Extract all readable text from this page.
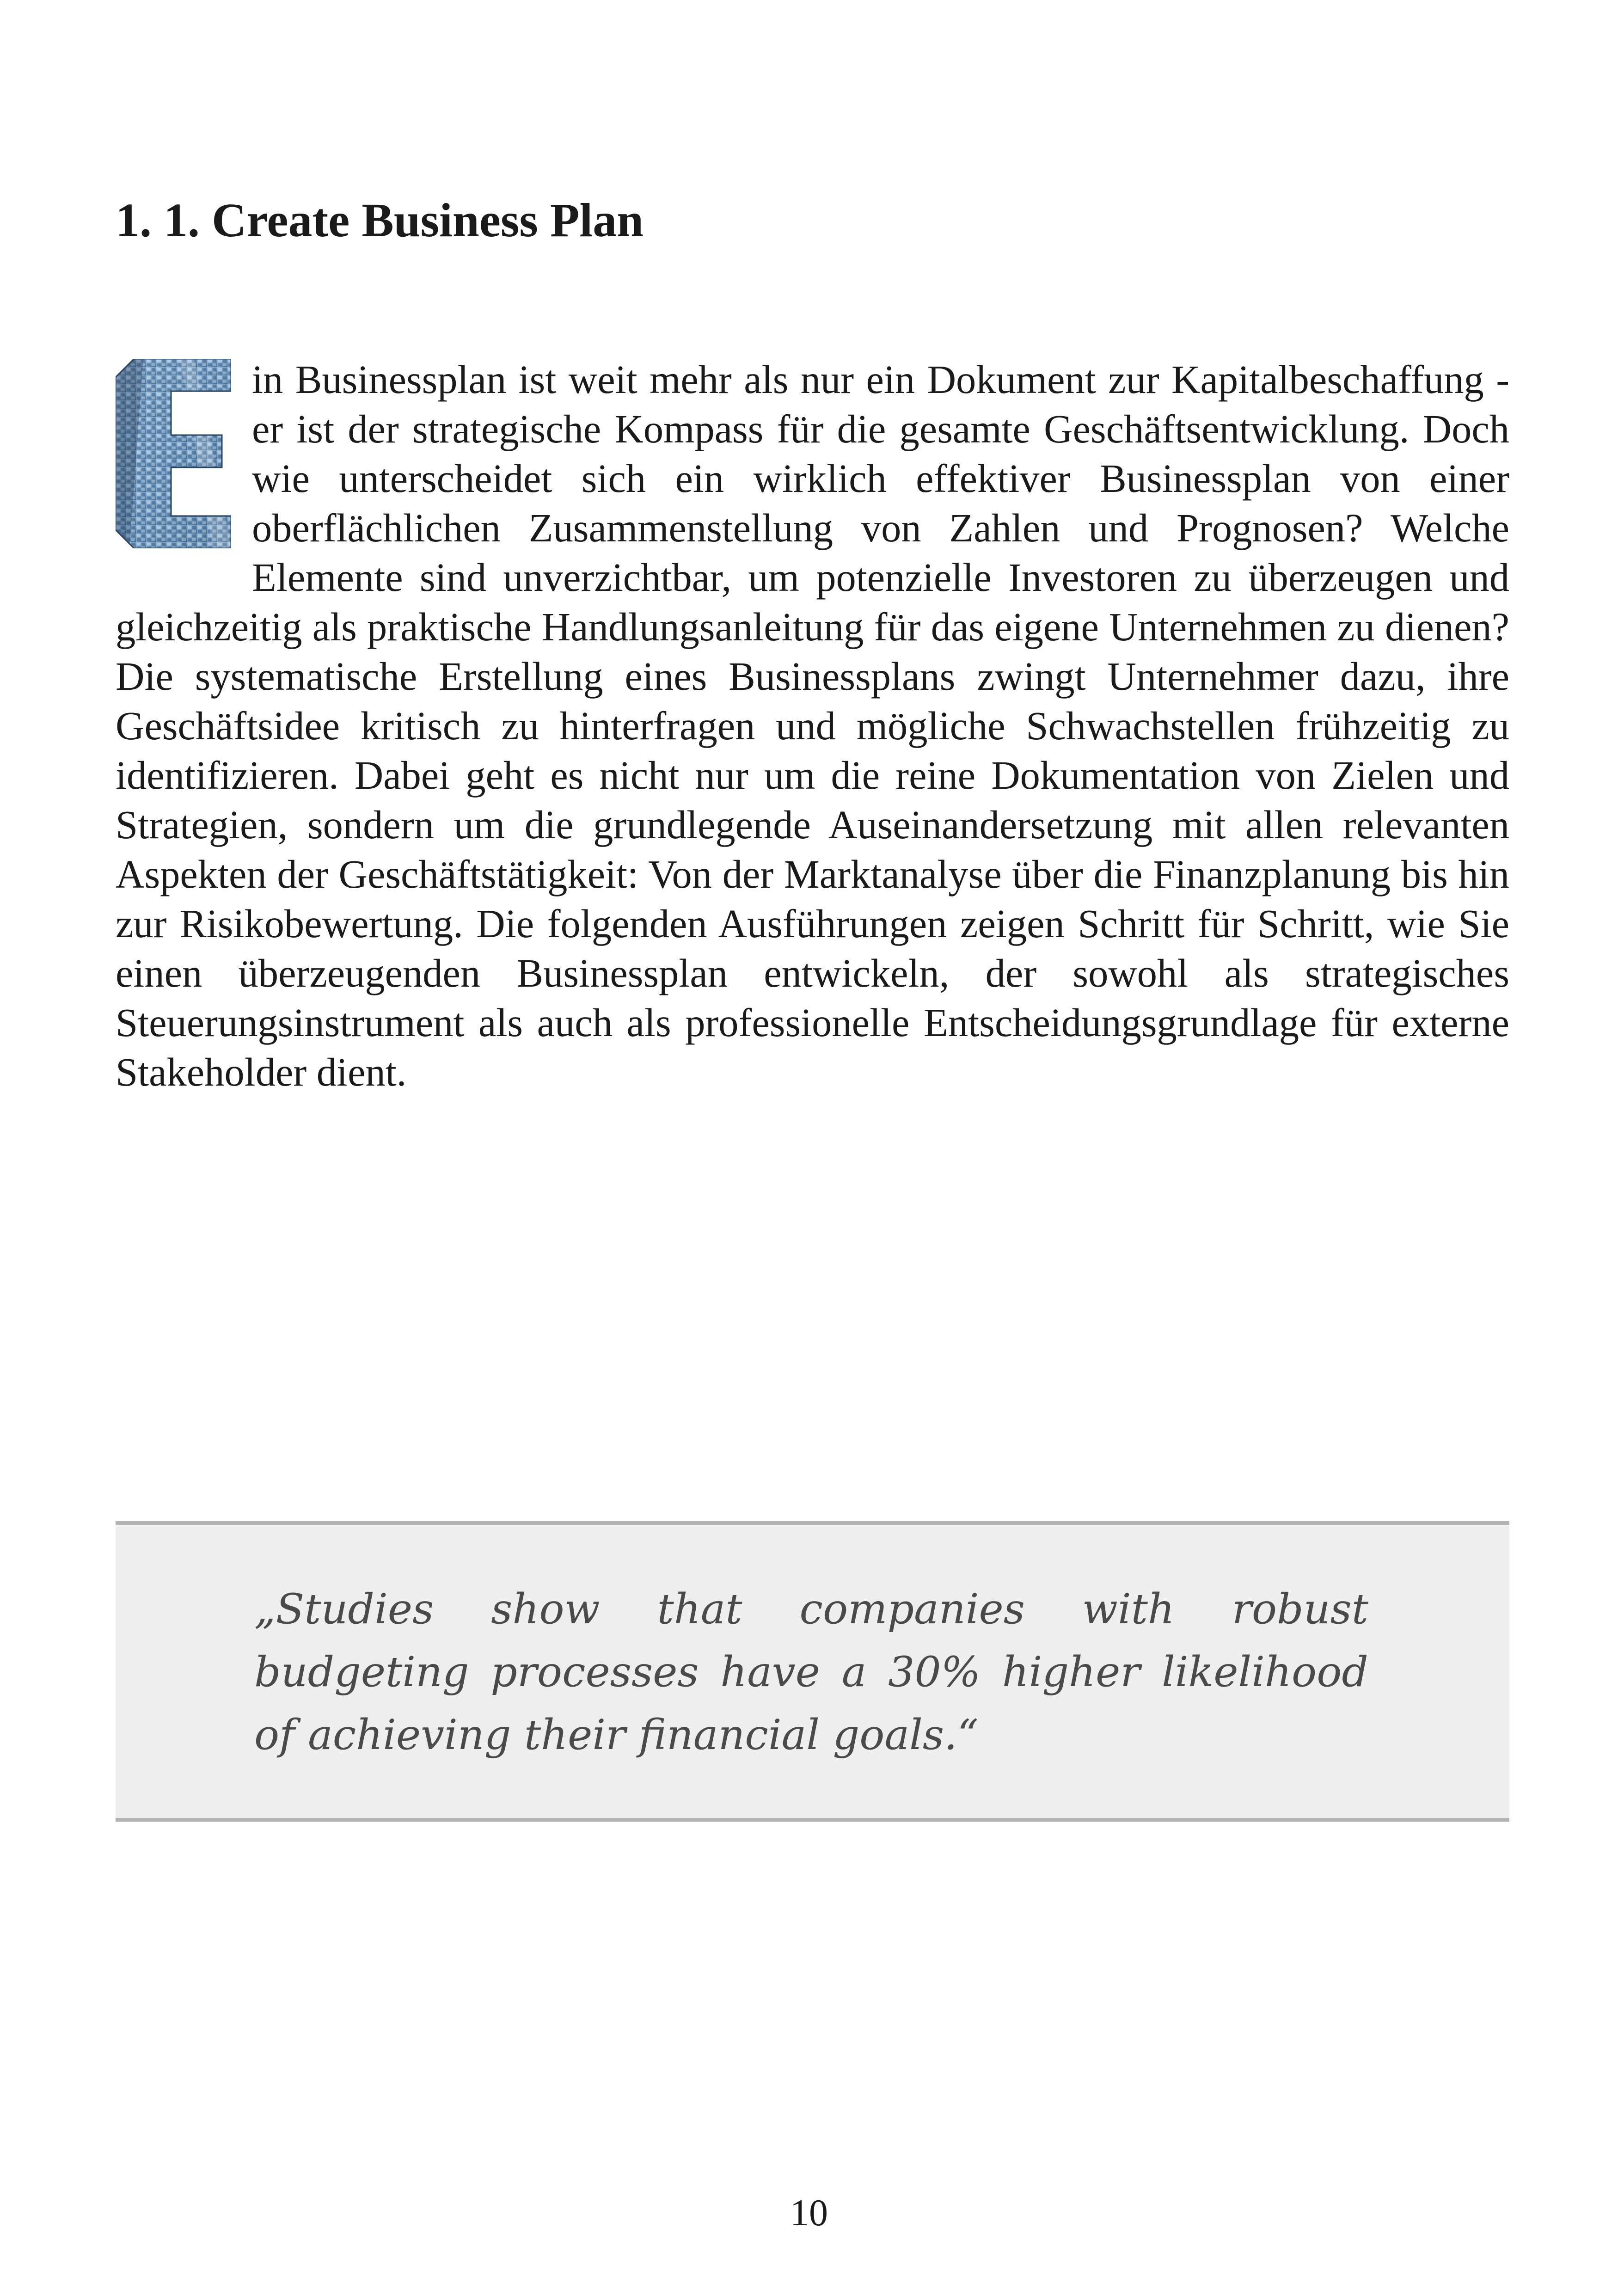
1. 1. Create Business Plan
in Businessplan ist weit mehr als nur ein Dokument zur Kapitalbeschaffung - er ist der strategische Kompass für die gesamte Geschäftsentwicklung. Doch wie unterscheidet sich ein wirklich effektiver Businessplan von einer oberflächlichen Zusammenstellung von Zahlen und Prognosen? Welche Elemente sind unverzichtbar, um potenzielle Investoren zu überzeugen und gleichzeitig als praktische Handlungsanleitung für das eigene Unternehmen zu dienen? Die systematische Erstellung eines Businessplans zwingt Unternehmer dazu, ihre Geschäftsidee kritisch zu hinterfragen und mögliche Schwachstellen frühzeitig zu identifizieren. Dabei geht es nicht nur um die reine Dokumentation von Zielen und Strategien, sondern um die grundlegende Auseinandersetzung mit allen relevanten Aspekten der Geschäftstätigkeit: Von der Marktanalyse über die Finanzplanung bis hin zur Risikobewertung. Die folgenden Ausführungen zeigen Schritt für Schritt, wie Sie einen überzeugenden Businessplan entwickeln, der sowohl als strategisches Steuerungsinstrument als auch als professionelle Entscheidungsgrundlage für externe Stakeholder dient.

„Studies show that companies with robust budgeting processes have a 30% higher likelihood of achieving their financial goals.“

10
